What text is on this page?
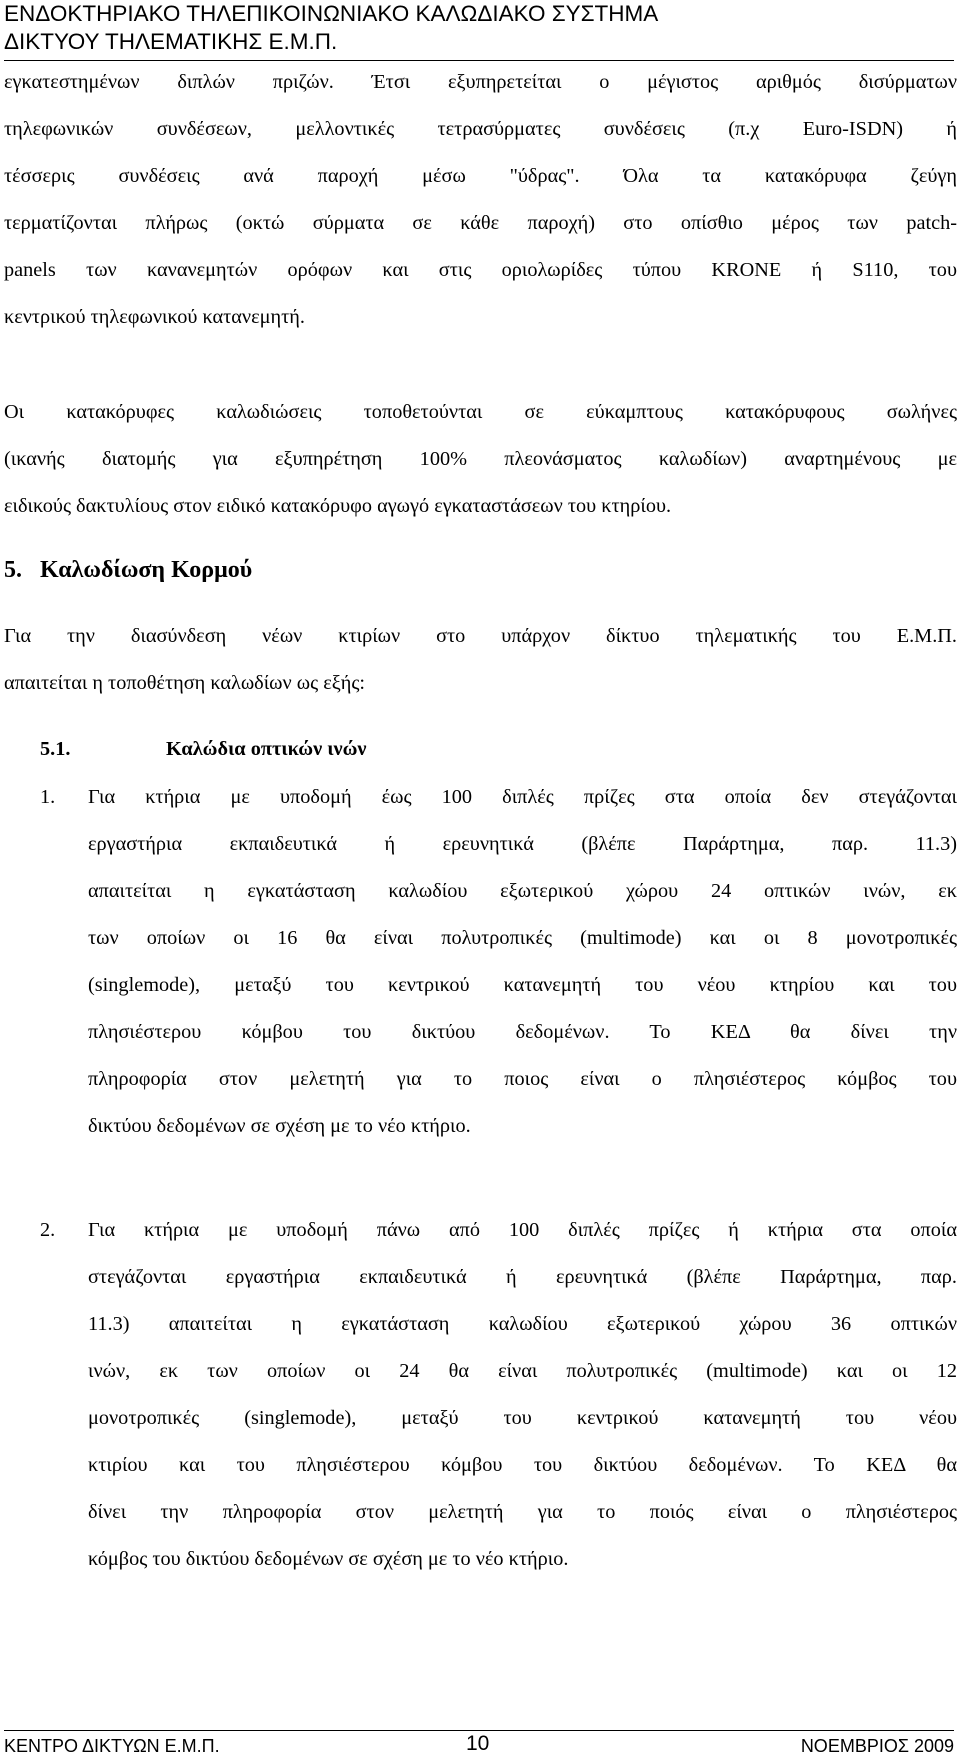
ΕΝΔΟΚΤΗΡΙΑΚΟ ΤΗΛΕΠΙΚΟΙΝΩΝΙΑΚΟ ΚΑΛΩΔΙΑΚΟ ΣΥΣΤΗΜΑ
ΔΙΚΤΥΟΥ ΤΗΛΕΜΑΤΙΚΗΣ Ε.Μ.Π.
εγκατεστημένων διπλών πριζών. Έτσι εξυπηρετείται ο μέγιστος αριθμός δισύρματων
τηλεφωνικών συνδέσεων, μελλοντικές τετρασύρματες συνδέσεις (π.χ Euro-ISDN) ή
τέσσερις συνδέσεις ανά παροχή μέσω "ύδρας". Όλα τα κατακόρυφα ζεύγη
τερματίζονται πλήρως (οκτώ σύρματα σε κάθε παροχή) στο οπίσθιο μέρος των patch-
panels των κανανεμητών ορόφων και στις οριολωρίδες τύπου KRONE ή S110, του
κεντρικού τηλεφωνικού κατανεμητή.
Οι κατακόρυφες καλωδιώσεις τοποθετούνται σε εύκαμπτους κατακόρυφους σωλήνες
(ικανής διατομής για εξυπηρέτηση 100% πλεονάσματος καλωδίων) αναρτημένους με
ειδικούς δακτυλίους στον ειδικό κατακόρυφο αγωγό εγκαταστάσεων του κτηρίου.
5. Καλωδίωση Κορμού
Για την διασύνδεση νέων κτιρίων στο υπάρχον δίκτυο τηλεματικής του Ε.Μ.Π.
απαιτείται η τοποθέτηση καλωδίων ως εξής:
5.1.	Καλώδια οπτικών ινών
1. Για κτήρια με υποδομή έως 100 διπλές πρίζες στα οποία δεν στεγάζονται
εργαστήρια εκπαιδευτικά ή ερευνητικά (βλέπε Παράρτημα, παρ. 11.3)
απαιτείται η εγκατάσταση καλωδίου εξωτερικού χώρου 24 οπτικών ινών, εκ
των οποίων οι 16 θα είναι πολυτροπικές (multimode) και οι 8 μονοτροπικές
(singlemode), μεταξύ του κεντρικού κατανεμητή του νέου κτηρίου και του
πλησιέστερου κόμβου του δικτύου δεδομένων. Το ΚΕΔ θα δίνει την
πληροφορία στον μελετητή για το ποιος είναι ο πλησιέστερος κόμβος του
δικτύου δεδομένων σε σχέση με το νέο κτήριο.
2. Για κτήρια με υποδομή πάνω από 100 διπλές πρίζες ή κτήρια στα οποία
στεγάζονται εργαστήρια εκπαιδευτικά ή ερευνητικά (βλέπε Παράρτημα, παρ.
11.3) απαιτείται η εγκατάσταση καλωδίου εξωτερικού χώρου 36 οπτικών
ινών, εκ των οποίων οι 24 θα είναι πολυτροπικές (multimode) και οι 12
μονοτροπικές (singlemode), μεταξύ του κεντρικού κατανεμητή του νέου
κτιρίου και του πλησιέστερου κόμβου του δικτύου δεδομένων. Το ΚΕΔ θα
δίνει την πληροφορία στον μελετητή για το ποιός είναι ο πλησιέστερος
κόμβος του δικτύου δεδομένων σε σχέση με το νέο κτήριο.
ΚΕΝΤΡΟ ΔΙΚΤΥΩΝ Ε.Μ.Π.	10	ΝΟΕΜΒΡΙΟΣ 2009
